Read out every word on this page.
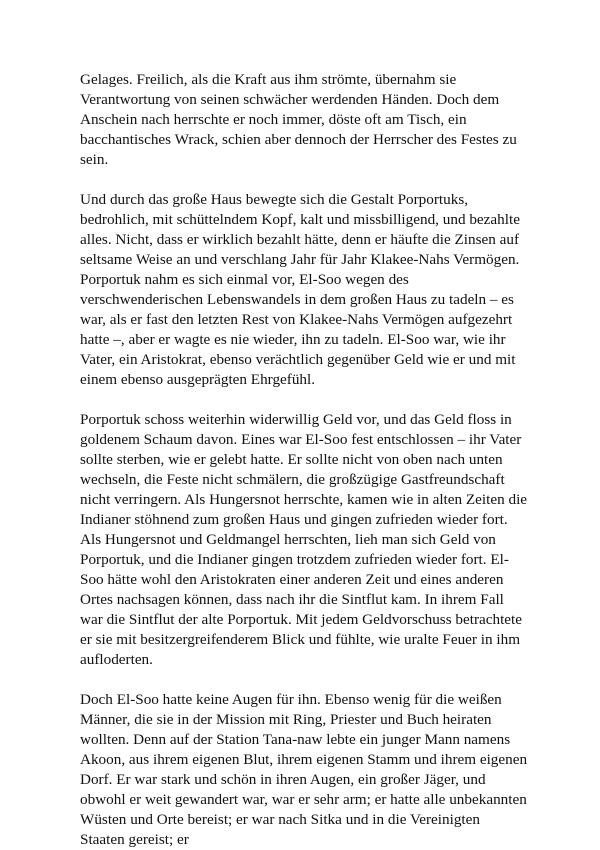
Gelages. Freilich, als die Kraft aus ihm strömte, übernahm sie Verantwortung von seinen schwächer werdenden Händen. Doch dem Anschein nach herrschte er noch immer, döste oft am Tisch, ein bacchantisches Wrack, schien aber dennoch der Herrscher des Festes zu sein.

Und durch das große Haus bewegte sich die Gestalt Porportuks, bedrohlich, mit schüttelndem Kopf, kalt und missbilligend, und bezahlte alles. Nicht, dass er wirklich bezahlt hätte, denn er häufte die Zinsen auf seltsame Weise an und verschlang Jahr für Jahr Klakee-Nahs Vermögen. Porportuk nahm es sich einmal vor, El-Soo wegen des verschwenderischen Lebenswandels in dem großen Haus zu tadeln – es war, als er fast den letzten Rest von Klakee-Nahs Vermögen aufgezehrt hatte –, aber er wagte es nie wieder, ihn zu tadeln. El-Soo war, wie ihr Vater, ein Aristokrat, ebenso verächtlich gegenüber Geld wie er und mit einem ebenso ausgeprägten Ehrgefühl.

Porportuk schoss weiterhin widerwillig Geld vor, und das Geld floss in goldenem Schaum davon. Eines war El-Soo fest entschlossen – ihr Vater sollte sterben, wie er gelebt hatte. Er sollte nicht von oben nach unten wechseln, die Feste nicht schmälern, die großzügige Gastfreundschaft nicht verringern. Als Hungersnot herrschte, kamen wie in alten Zeiten die Indianer stöhnend zum großen Haus und gingen zufrieden wieder fort. Als Hungersnot und Geldmangel herrschten, lieh man sich Geld von Porportuk, und die Indianer gingen trotzdem zufrieden wieder fort. El-Soo hätte wohl den Aristokraten einer anderen Zeit und eines anderen Ortes nachsagen können, dass nach ihr die Sintflut kam. In ihrem Fall war die Sintflut der alte Porportuk. Mit jedem Geldvorschuss betrachtete er sie mit besitzergreifenderem Blick und fühlte, wie uralte Feuer in ihm aufloderten.

Doch El-Soo hatte keine Augen für ihn. Ebenso wenig für die weißen Männer, die sie in der Mission mit Ring, Priester und Buch heiraten wollten. Denn auf der Station Tana-naw lebte ein junger Mann namens Akoon, aus ihrem eigenen Blut, ihrem eigenen Stamm und ihrem eigenen Dorf. Er war stark und schön in ihren Augen, ein großer Jäger, und obwohl er weit gewandert war, war er sehr arm; er hatte alle unbekannten Wüsten und Orte bereist; er war nach Sitka und in die Vereinigten Staaten gereist; er
